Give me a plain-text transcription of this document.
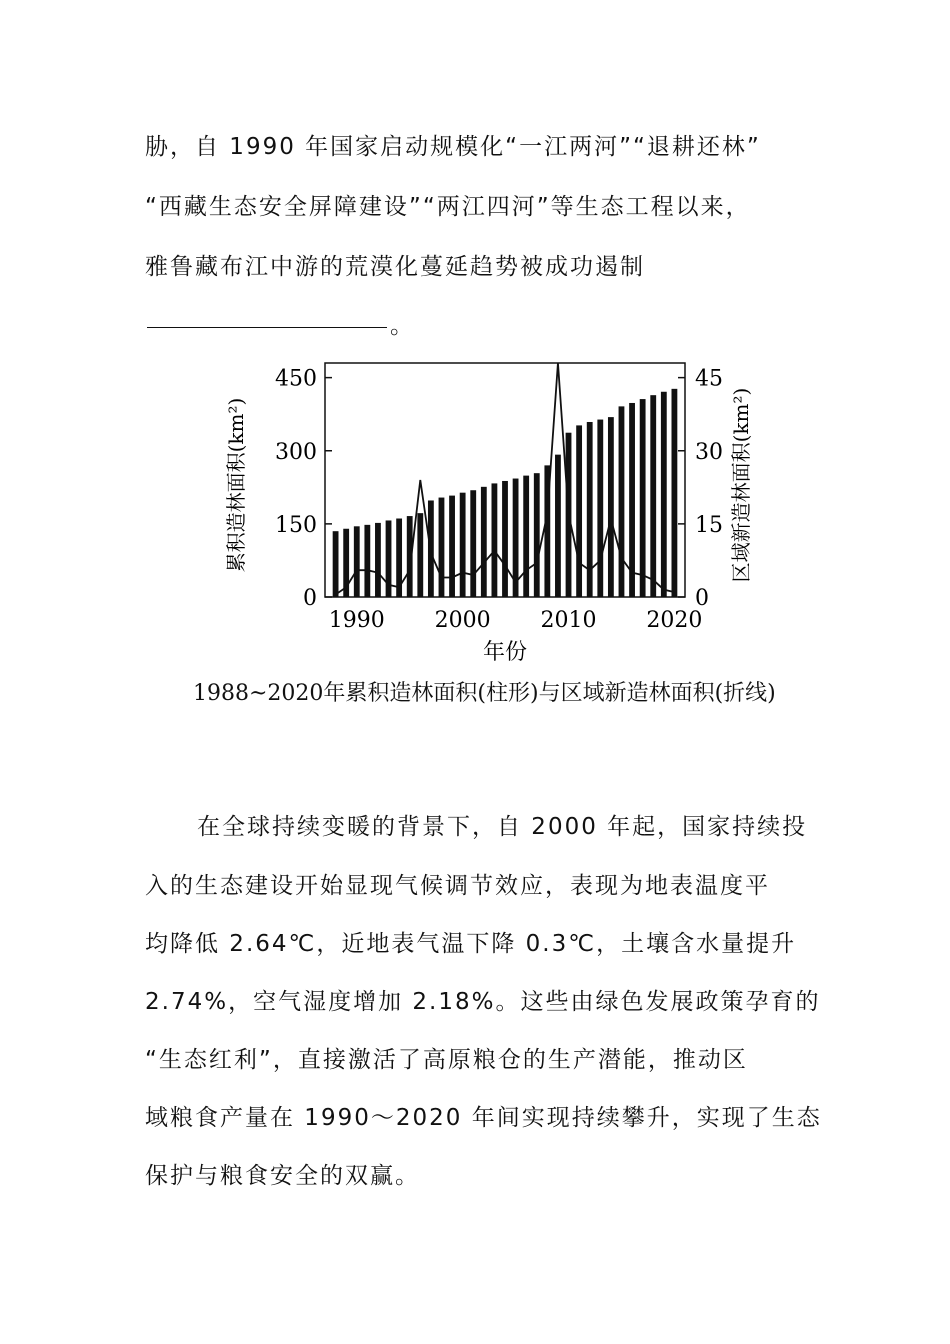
胁，自 1990 年国家启动规模化“一江两河”“退耕还林”
“西藏生态安全屏障建设”“两江四河”等生态工程以来，
雅鲁藏布江中游的荒漠化蔓延趋势被成功遏制
。
0
150
300
450
0
15
30
45
1990 2000 2010 2020
年份
累积造林面积(km²)	区域新造林面积(km²)
1988~2020年累积造林面积(柱形)与区域新造林面积(折线)
在全球持续变暖的背景下，自 2000 年起，国家持续投
入的生态建设开始显现气候调节效应，表现为地表温度平
均降低 2.64℃，近地表气温下降 0.3℃，土壤含水量提升
2.74%，空气湿度增加 2.18%。这些由绿色发展政策孕育的
“生态红利”，直接激活了高原粮仓的生产潜能，推动区
域粮食产量在 1990～2020 年间实现持续攀升，实现了生态
保护与粮食安全的双赢。
